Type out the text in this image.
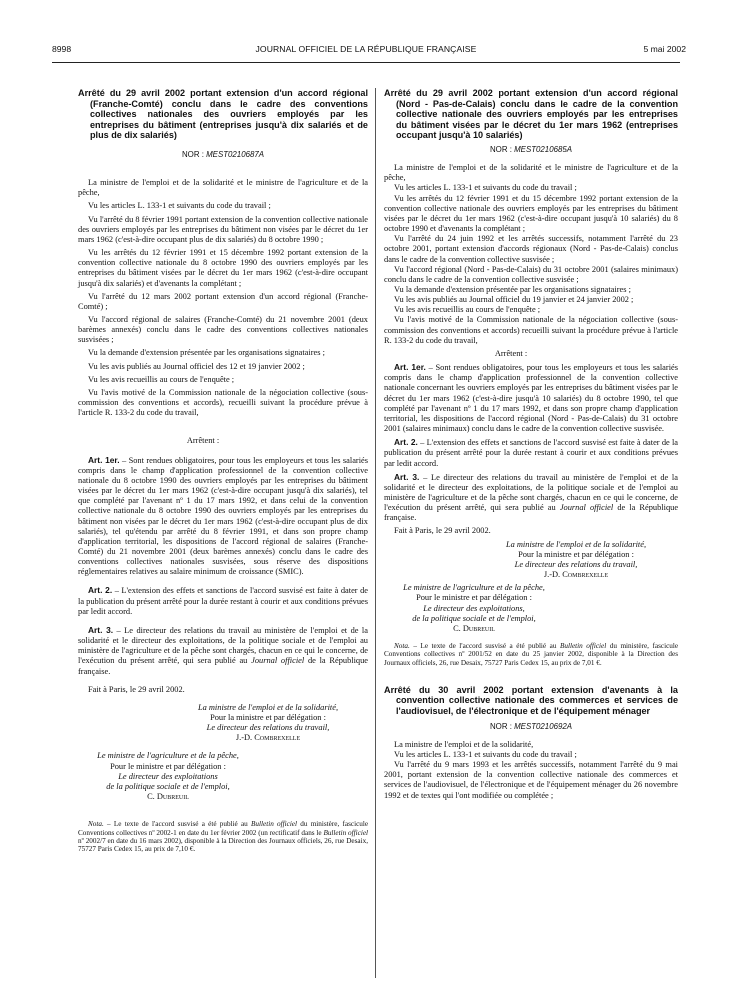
8998	JOURNAL OFFICIEL DE LA RÉPUBLIQUE FRANÇAISE	5 mai 2002
Arrêté du 29 avril 2002 portant extension d'un accord régional (Franche-Comté) conclu dans le cadre des conventions collectives nationales des ouvriers employés par les entreprises du bâtiment (entreprises jusqu'à dix salariés et de plus de dix salariés)

NOR : MEST0210687A

La ministre de l'emploi et de la solidarité et le ministre de l'agriculture et de la pêche,

Vu les articles L. 133-1 et suivants du code du travail ;

Vu l'arrêté du 8 février 1991 portant extension de la convention collective nationale des ouvriers employés par les entreprises du bâtiment non visées par le décret du 1er mars 1962 (c'est-à-dire occupant plus de dix salariés) du 8 octobre 1990 ;

Vu les arrêtés du 12 février 1991 et 15 décembre 1992 portant extension de la convention collective nationale du 8 octobre 1990 des ouvriers employés par les entreprises du bâtiment visées par le décret du 1er mars 1962 (c'est-à-dire occupant jusqu'à dix salariés) et d'avenants la complétant ;

Vu l'arrêté du 12 mars 2002 portant extension d'un accord régional (Franche-Comté) ;

Vu l'accord régional de salaires (Franche-Comté) du 21 novembre 2001 (deux barèmes annexés) conclu dans le cadre des conventions collectives nationales susvisées ;

Vu la demande d'extension présentée par les organisations signataires ;

Vu les avis publiés au Journal officiel des 12 et 19 janvier 2002 ;

Vu les avis recueillis au cours de l'enquête ;

Vu l'avis motivé de la Commission nationale de la négociation collective (sous-commission des conventions et accords), recueilli suivant la procédure prévue à l'article R. 133-2 du code du travail,

Arrêtent :

Art. 1er. – Sont rendues obligatoires, pour tous les employeurs et tous les salariés compris dans le champ d'application professionnel de la convention collective nationale du 8 octobre 1990 des ouvriers employés par les entreprises du bâtiment visées par le décret du 1er mars 1962 (c'est-à-dire occupant jusqu'à dix salariés), tel que complété par l'avenant nº 1 du 17 mars 1992, et dans celui de la convention collective nationale du 8 octobre 1990 des ouvriers employés par les entreprises du bâtiment non visées par le décret du 1er mars 1962 (c'est-à-dire occupant plus de dix salariés), tel qu'étendu par arrêté du 8 février 1991, et dans son propre champ d'application territorial, les dispositions de l'accord régional de salaires (Franche-Comté) du 21 novembre 2001 (deux barèmes annexés) conclu dans le cadre des conventions collectives nationales susvisées, sous réserve des dispositions réglementaires relatives au salaire minimum de croissance (SMIC).

Art. 2. – L'extension des effets et sanctions de l'accord susvisé est faite à dater de la publication du présent arrêté pour la durée restant à courir et aux conditions prévues par ledit accord.

Art. 3. – Le directeur des relations du travail au ministère de l'emploi et de la solidarité et le directeur des exploitations, de la politique sociale et de l'emploi au ministère de l'agriculture et de la pêche sont chargés, chacun en ce qui le concerne, de l'exécution du présent arrêté, qui sera publié au Journal officiel de la République française.

Fait à Paris, le 29 avril 2002.

La ministre de l'emploi et de la solidarité,

Pour la ministre et par délégation :

Le directeur des relations du travail,

J.-D. Combrexelle

Le ministre de l'agriculture et de la pêche,

Pour le ministre et par délégation :

Le directeur des exploitations

de la politique sociale et de l'emploi,

C. Dubreuil

Nota. – Le texte de l'accord susvisé a été publié au Bulletin officiel du ministère, fascicule Conventions collectives nº 2002-1 en date du 1er février 2002 (un rectificatif dans le Bulletin officiel nº 2002/7 en date du 16 mars 2002), disponible à la Direction des Journaux officiels, 26, rue Desaix, 75727 Paris Cedex 15, au prix de 7,10 €.

Arrêté du 29 avril 2002 portant extension d'un accord régional (Nord - Pas-de-Calais) conclu dans le cadre de la convention collective nationale des ouvriers employés par les entreprises du bâtiment visées par le décret du 1er mars 1962 (entreprises occupant jusqu'à 10 salariés)

NOR : MEST0210685A

La ministre de l'emploi et de la solidarité et le ministre de l'agriculture et de la pêche,

Vu les articles L. 133-1 et suivants du code du travail ;

Vu les arrêtés du 12 février 1991 et du 15 décembre 1992 portant extension de la convention collective nationale des ouvriers employés par les entreprises du bâtiment visées par le décret du 1er mars 1962 (c'est-à-dire occupant jusqu'à 10 salariés) du 8 octobre 1990 et d'avenants la complétant ;

Vu l'arrêté du 24 juin 1992 et les arrêtés successifs, notamment l'arrêté du 23 octobre 2001, portant extension d'accords régionaux (Nord - Pas-de-Calais) conclus dans le cadre de la convention collective susvisée ;

Vu l'accord régional (Nord - Pas-de-Calais) du 31 octobre 2001 (salaires minimaux) conclu dans le cadre de la convention collective susvisée ;

Vu la demande d'extension présentée par les organisations signataires ;

Vu les avis publiés au Journal officiel du 19 janvier et 24 janvier 2002 ;

Vu les avis recueillis au cours de l'enquête ;

Vu l'avis motivé de la Commission nationale de la négociation collective (sous-commission des conventions et accords) recueilli suivant la procédure prévue à l'article R. 133-2 du code du travail,

Arrêtent :

Art. 1er. – Sont rendues obligatoires, pour tous les employeurs et tous les salariés compris dans le champ d'application professionnel de la convention collective nationale concernant les ouvriers employés par les entreprises du bâtiment visées par le décret du 1er mars 1962 (c'est-à-dire jusqu'à 10 salariés) du 8 octobre 1990, tel que complété par l'avenant nº 1 du 17 mars 1992, et dans son propre champ d'application territorial, les dispositions de l'accord régional (Nord - Pas-de-Calais) du 31 octobre 2001 (salaires minimaux) conclu dans le cadre de la convention collective susvisée.

Art. 2. – L'extension des effets et sanctions de l'accord susvisé est faite à dater de la publication du présent arrêté pour la durée restant à courir et aux conditions prévues par ledit accord.

Art. 3. – Le directeur des relations du travail au ministère de l'emploi et de la solidarité et le directeur des exploitations, de la politique sociale et de l'emploi au ministère de l'agriculture et de la pêche sont chargés, chacun en ce qui le concerne, de l'exécution du présent arrêté, qui sera publié au Journal officiel de la République française.

Fait à Paris, le 29 avril 2002.

La ministre de l'emploi et de la solidarité,

Pour la ministre et par délégation :

Le directeur des relations du travail,

J.-D. Combrexelle

Le ministre de l'agriculture et de la pêche,

Pour le ministre et par délégation :

Le directeur des exploitations,

de la politique sociale et de l'emploi,

C. Dubreuil

Nota. – Le texte de l'accord susvisé a été publié au Bulletin officiel du ministère, fascicule Conventions collectives nº 2001/52 en date du 25 janvier 2002, disponible à la Direction des Journaux officiels, 26, rue Desaix, 75727 Paris Cedex 15, au prix de 7,01 €.

Arrêté du 30 avril 2002 portant extension d'avenants à la convention collective nationale des commerces et services de l'audiovisuel, de l'électronique et de l'équipement ménager

NOR : MEST0210692A

La ministre de l'emploi et de la solidarité,

Vu les articles L. 133-1 et suivants du code du travail ;

Vu l'arrêté du 9 mars 1993 et les arrêtés successifs, notamment l'arrêté du 9 mai 2001, portant extension de la convention collective nationale des commerces et services de l'audiovisuel, de l'électronique et de l'équipement ménager du 26 novembre 1992 et de textes qui l'ont modifiée ou complétée ;
